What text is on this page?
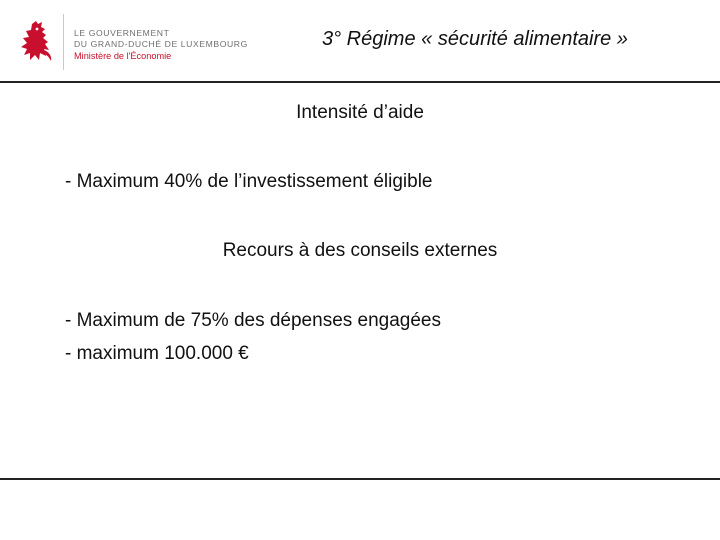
LE GOUVERNEMENT
DU GRAND-DUCHÉ DE LUXEMBOURG
Ministère de l'Économie
3° Régime « sécurité alimentaire »
Intensité d’aide
- Maximum 40% de l’investissement éligible
Recours à des conseils externes
- Maximum de 75% des dépenses engagées
- maximum 100.000 €
